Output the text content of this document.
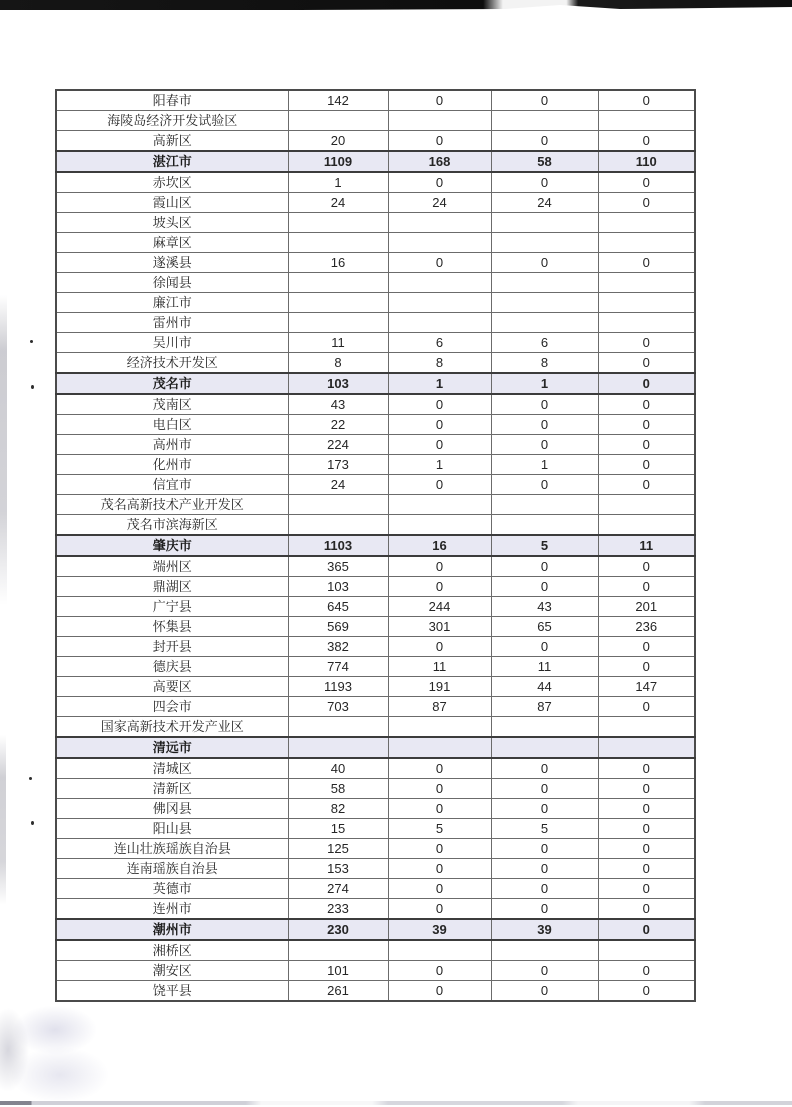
阳春市	142	0	0	0
海陵岛经济开发试验区				
高新区	20	0	0	0
湛江市	1109	168	58	110
赤坎区	1	0	0	0
霞山区	24	24	24	0
坡头区				
麻章区				
遂溪县	16	0	0	0
徐闻县				
廉江市				
雷州市				
吴川市	11	6	6	0
经济技术开发区	8	8	8	0
茂名市	103	1	1	0
茂南区	43	0	0	0
电白区	22	0	0	0
高州市	224	0	0	0
化州市	173	1	1	0
信宜市	24	0	0	0
茂名高新技术产业开发区				
茂名市滨海新区				
肇庆市	1103	16	5	11
端州区	365	0	0	0
鼎湖区	103	0	0	0
广宁县	645	244	43	201
怀集县	569	301	65	236
封开县	382	0	0	0
德庆县	774	11	11	0
高要区	1193	191	44	147
四会市	703	87	87	0
国家高新技术开发产业区				
清远市				
清城区	40	0	0	0
清新区	58	0	0	0
佛冈县	82	0	0	0
阳山县	15	5	5	0
连山壮族瑶族自治县	125	0	0	0
连南瑶族自治县	153	0	0	0
英德市	274	0	0	0
连州市	233	0	0	0
潮州市	230	39	39	0
湘桥区				
潮安区	101	0	0	0
饶平县	261	0	0	0
